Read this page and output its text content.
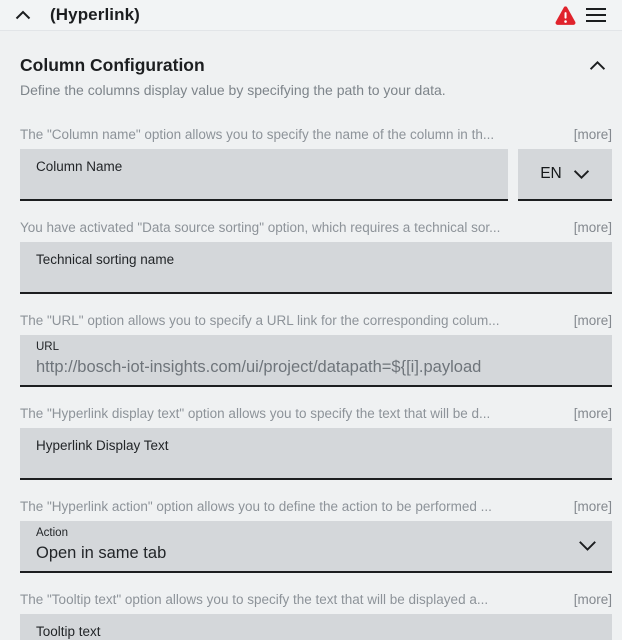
(Hyperlink)
Column Configuration
Define the columns display value by specifying the path to your data.
The "Column name" option allows you to specify the name of the column in th...	[more]
Column Name	EN
You have activated "Data source sorting" option, which requires a technical sor...	[more]
Technical sorting name
The "URL" option allows you to specify a URL link for the corresponding colum...	[more]
URL
http://bosch-iot-insights.com/ui/project/datapath=${[i].payload
The "Hyperlink display text" option allows you to specify the text that will be d...	[more]
Hyperlink Display Text
The "Hyperlink action" option allows you to define the action to be performed ...	[more]
Action
Open in same tab
The "Tooltip text" option allows you to specify the text that will be displayed a...	[more]
Tooltip text
